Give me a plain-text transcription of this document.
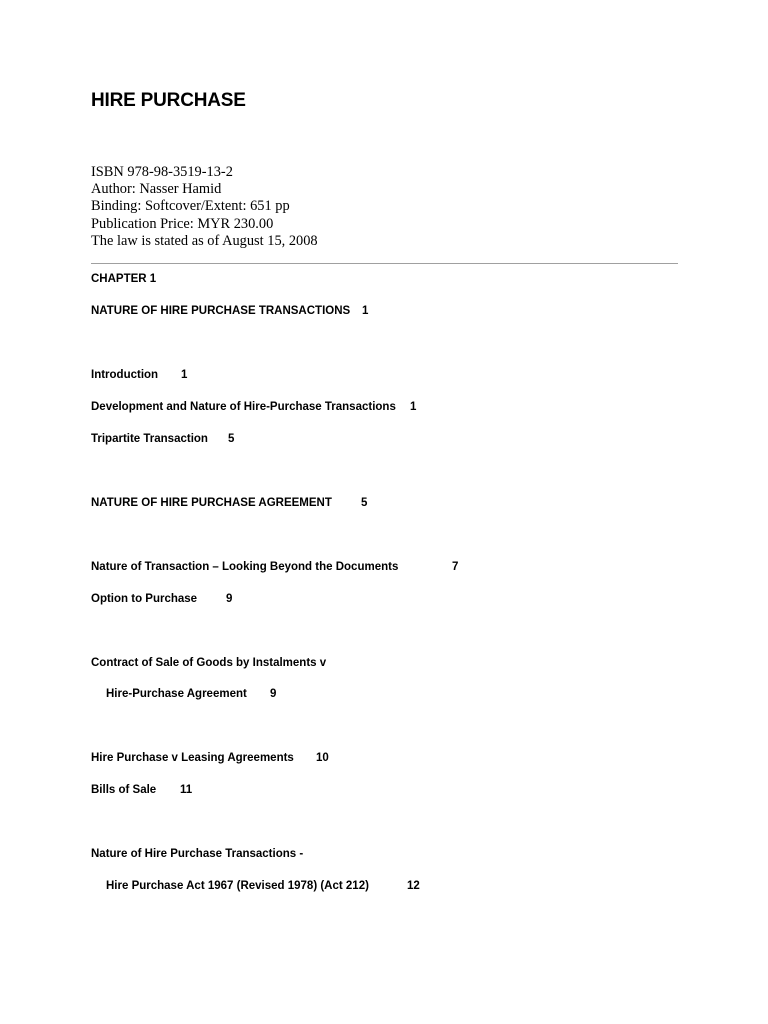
HIRE PURCHASE
ISBN 978-98-3519-13-2
Author: Nasser Hamid
Binding: Softcover/Extent: 651 pp
Publication Price: MYR 230.00
The law is stated as of August 15, 2008
CHAPTER 1
NATURE OF HIRE PURCHASE TRANSACTIONS 1
Introduction 1
Development and Nature of Hire-Purchase Transactions 1
Tripartite Transaction 5
NATURE OF HIRE PURCHASE AGREEMENT	5
Nature of Transaction – Looking Beyond the Documents	7
Option to Purchase	9
Contract of Sale of Goods by Instalments v
Hire-Purchase Agreement 9
Hire Purchase v Leasing Agreements 10
Bills of Sale 11
Nature of Hire Purchase Transactions -
Hire Purchase Act 1967 (Revised 1978) (Act 212)	12
